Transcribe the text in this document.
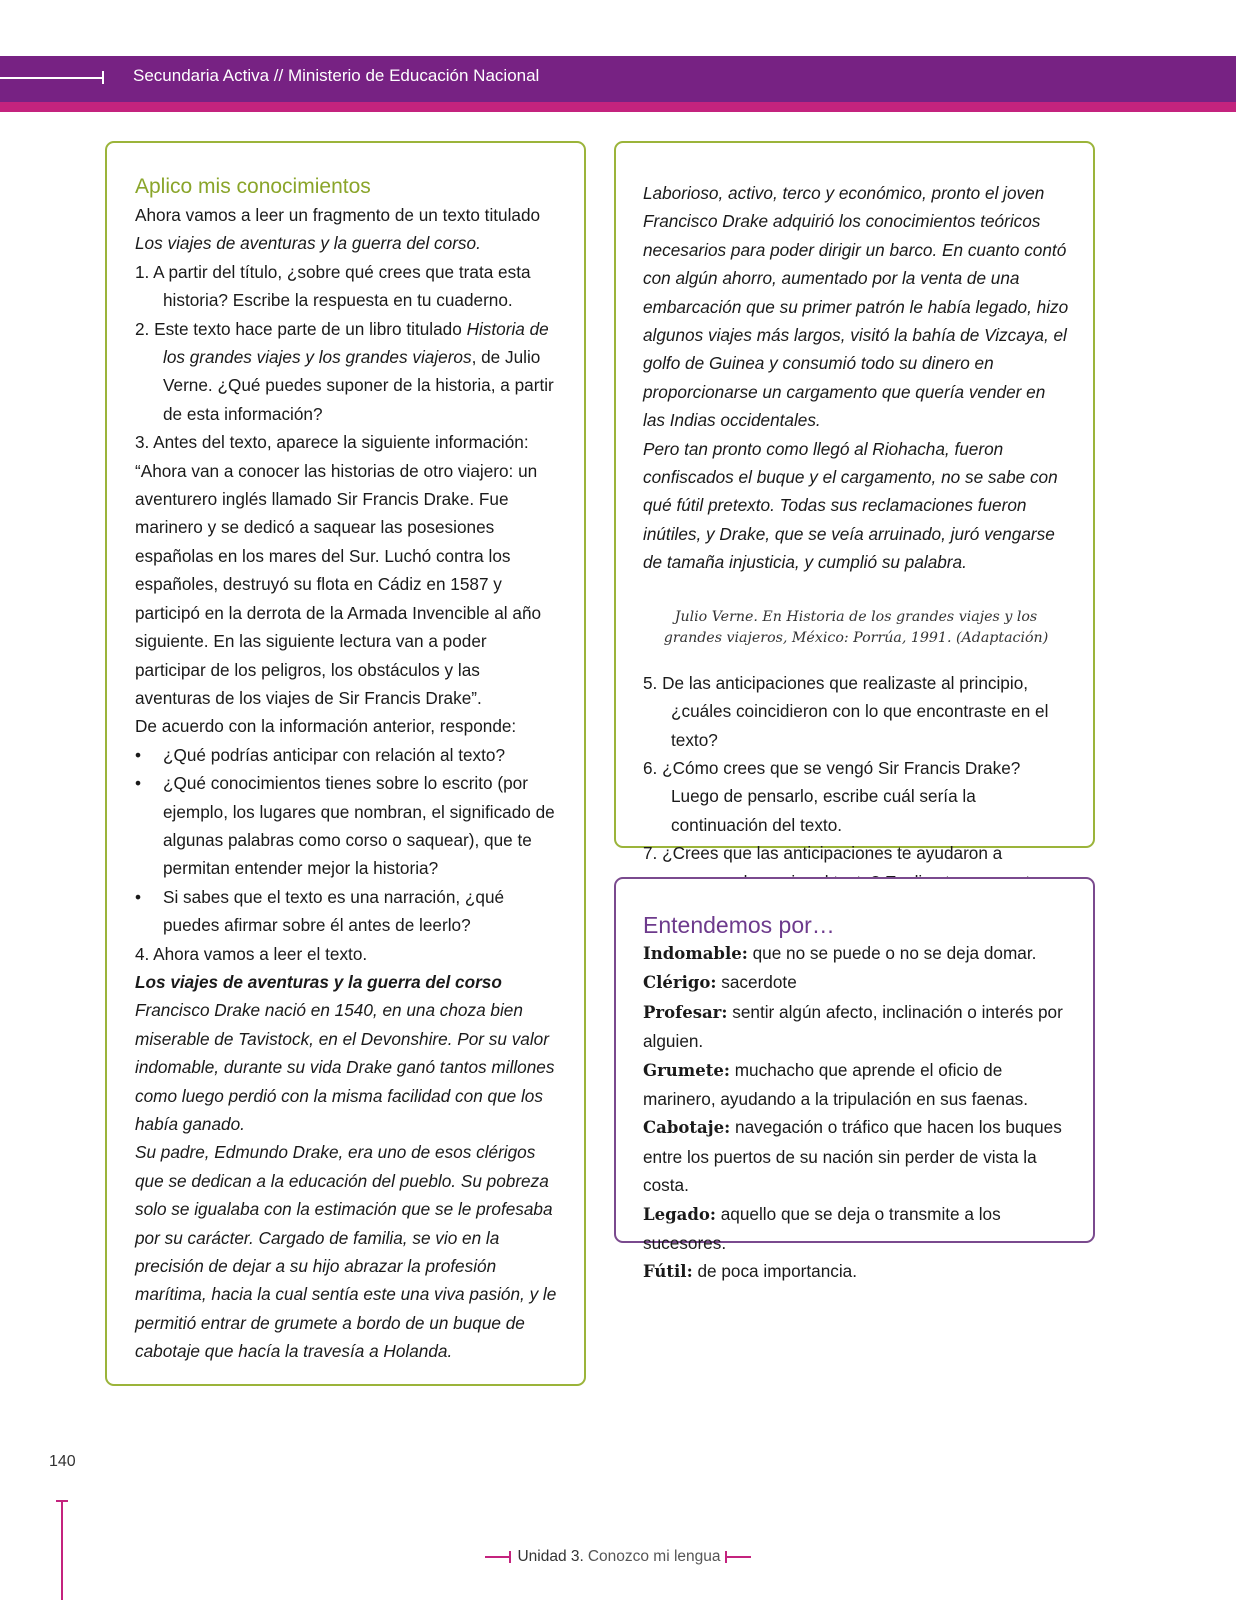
Secundaria Activa // Ministerio de Educación Nacional
Aplico mis conocimientos

Ahora vamos a leer un fragmento de un texto titulado

Los viajes de aventuras y la guerra del corso.

1. A partir del título, ¿sobre qué crees que trata esta historia? Escribe la respuesta en tu cuaderno.

2. Este texto hace parte de un libro titulado Historia de los grandes viajes y los grandes viajeros, de Julio Verne. ¿Qué puedes suponer de la historia, a partir de esta información?

3. Antes del texto, aparece la siguiente información:

“Ahora van a conocer las historias de otro viajero: un aventurero inglés llamado Sir Francis Drake. Fue marinero y se dedicó a saquear las posesiones españolas en los mares del Sur. Luchó contra los españoles, destruyó su flota en Cádiz en 1587 y participó en la derrota de la Armada Invencible al año siguiente. En las siguiente lectura van a poder participar de los peligros, los obstáculos y las aventuras de los viajes de Sir Francis Drake”.

De acuerdo con la información anterior, responde:

• ¿Qué podrías anticipar con relación al texto?

• ¿Qué conocimientos tienes sobre lo escrito (por ejemplo, los lugares que nombran, el significado de algunas palabras como corso o saquear), que te permitan entender mejor la historia?

• Si sabes que el texto es una narración, ¿qué puedes afirmar sobre él antes de leerlo?

4. Ahora vamos a leer el texto.

Los viajes de aventuras y la guerra del corso

Francisco Drake nació en 1540, en una choza bien miserable de Tavistock, en el Devonshire. Por su valor indomable, durante su vida Drake ganó tantos millones como luego perdió con la misma facilidad con que los había ganado.

Su padre, Edmundo Drake, era uno de esos clérigos que se dedican a la educación del pueblo. Su pobreza solo se igualaba con la estimación que se le profesaba por su carácter. Cargado de familia, se vio en la precisión de dejar a su hijo abrazar la profesión marítima, hacia la cual sentía este una viva pasión, y le permitió entrar de grumete a bordo de un buque de cabotaje que hacía la travesía a Holanda.

Laborioso, activo, terco y económico, pronto el joven Francisco Drake adquirió los conocimientos teóricos necesarios para poder dirigir un barco. En cuanto contó con algún ahorro, aumentado por la venta de una embarcación que su primer patrón le había legado, hizo algunos viajes más largos, visitó la bahía de Vizcaya, el golfo de Guinea y consumió todo su dinero en proporcionarse un cargamento que quería vender en las Indias occidentales.

Pero tan pronto como llegó al Riohacha, fueron confiscados el buque y el cargamento, no se sabe con qué fútil pretexto. Todas sus reclamaciones fueron inútiles, y Drake, que se veía arruinado, juró vengarse de tamaña injusticia, y cumplió su palabra.

Julio Verne. En Historia de los grandes viajes y los grandes viajeros, México: Porrúa, 1991. (Adaptación)

5. De las anticipaciones que realizaste al principio, ¿cuáles coincidieron con lo que encontraste en el texto?

6. ¿Cómo crees que se vengó Sir Francis Drake? Luego de pensarlo, escribe cuál sería la continuación del texto.

7. ¿Crees que las anticipaciones te ayudaron a

Entendemos por…

Indomable: que no se puede o no se deja domar.

Clérigo: sacerdote

Profesar: sentir algún afecto, inclinación o interés por alguien.

Grumete: muchacho que aprende el oficio de marinero, ayudando a la tripulación en sus faenas.

Cabotaje: navegación o tráfico que hacen los buques entre los puertos de su nación sin perder de vista la costa.

Legado: aquello que se deja o transmite a los sucesores.

Fútil: de poca importancia.

140
Unidad 3. Conozco mi lengua
